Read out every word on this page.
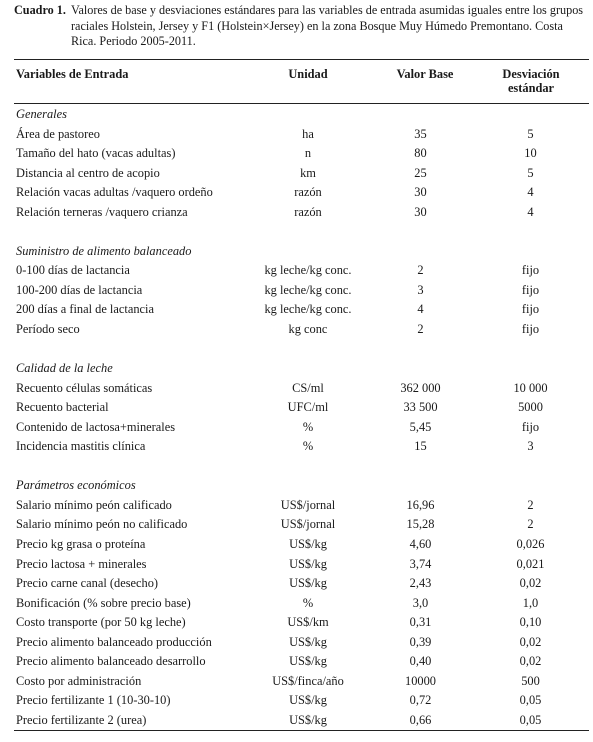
Cuadro 1. Valores de base y desviaciones estándares para las variables de entrada asumidas iguales entre los grupos raciales Holstein, Jersey y F1 (Holstein×Jersey) en la zona Bosque Muy Húmedo Premontano. Costa Rica. Periodo 2005-2011.
Variables de Entrada	Unidad	Valor Base	Desviación
estándar
Generales
Área de pastoreo	ha	35	5
Tamaño del hato (vacas adultas)	n	80	10
Distancia al centro de acopio	km	25	5
Relación vacas adultas /vaquero ordeño	razón	30	4
Relación terneras /vaquero crianza	razón	30	4
Suministro de alimento balanceado
0-100 días de lactancia	kg leche/kg conc.	2	fijo
100-200 días de lactancia	kg leche/kg conc.	3	fijo
200 días a final de lactancia	kg leche/kg conc.	4	fijo
Período seco	kg conc	2	fijo
Calidad de la leche
Recuento células somáticas	CS/ml	362 000	10 000
Recuento bacterial	UFC/ml	33 500	5000
Contenido de lactosa+minerales	%	5,45	fijo
Incidencia mastitis clínica	%	15	3
Parámetros económicos
Salario mínimo peón calificado	US$/jornal	16,96	2
Salario mínimo peón no calificado	US$/jornal	15,28	2
Precio kg grasa o proteína	US$/kg	4,60	0,026
Precio lactosa + minerales	US$/kg	3,74	0,021
Precio carne canal (desecho)	US$/kg	2,43	0,02
Bonificación (% sobre precio base)	%	3,0	1,0
Costo transporte (por 50 kg leche)	US$/km	0,31	0,10
Precio alimento balanceado producción	US$/kg	0,39	0,02
Precio alimento balanceado desarrollo	US$/kg	0,40	0,02
Costo por administración	US$/finca/año	10000	500
Precio fertilizante 1 (10-30-10)	US$/kg	0,72	0,05
Precio fertilizante 2 (urea)	US$/kg	0,66	0,05
